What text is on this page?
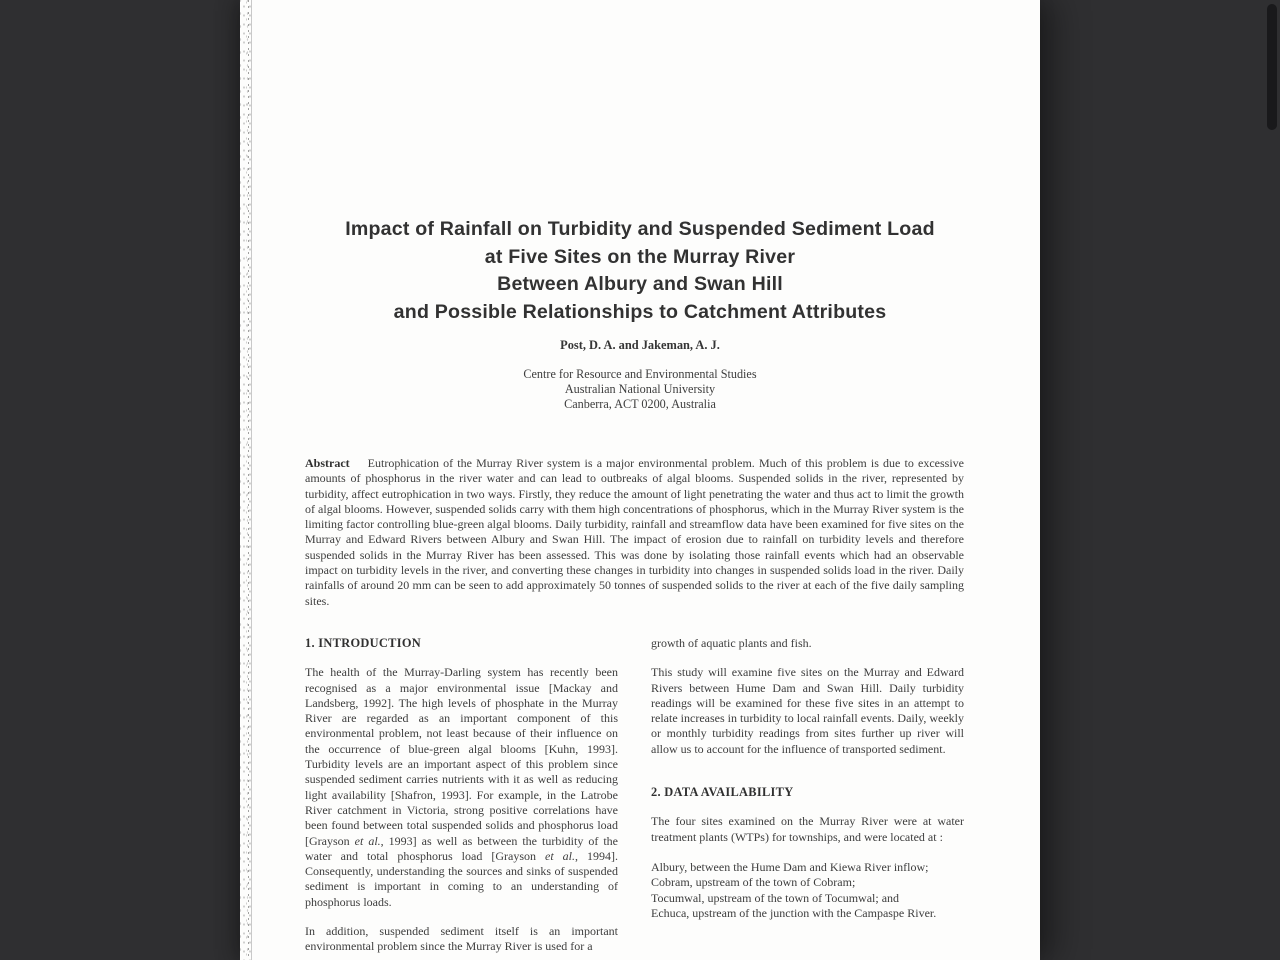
Impact of Rainfall on Turbidity and Suspended Sediment Load
at Five Sites on the Murray River
Between Albury and Swan Hill
and Possible Relationships to Catchment Attributes
Post, D. A. and Jakeman, A. J.
Centre for Resource and Environmental Studies
Australian National University
Canberra, ACT 0200, Australia

Abstract Eutrophication of the Murray River system is a major environmental problem. Much of this problem is due to excessive amounts of phosphorus in the river water and can lead to outbreaks of algal blooms. Suspended solids in the river, represented by turbidity, affect eutrophication in two ways. Firstly, they reduce the amount of light penetrating the water and thus act to limit the growth of algal blooms. However, suspended solids carry with them high concentrations of phosphorus, which in the Murray River system is the limiting factor controlling blue-green algal blooms. Daily turbidity, rainfall and streamflow data have been examined for five sites on the Murray and Edward Rivers between Albury and Swan Hill. The impact of erosion due to rainfall on turbidity levels and therefore suspended solids in the Murray River has been assessed. This was done by isolating those rainfall events which had an observable impact on turbidity levels in the river, and converting these changes in turbidity into changes in suspended solids load in the river. Daily rainfalls of around 20 mm can be seen to add approximately 50 tonnes of suspended solids to the river at each of the five daily sampling sites.

1. INTRODUCTION

The health of the Murray-Darling system has recently been recognised as a major environmental issue [Mackay and Landsberg, 1992]. The high levels of phosphate in the Murray River are regarded as an important component of this environmental problem, not least because of their influence on the occurrence of blue-green algal blooms [Kuhn, 1993]. Turbidity levels are an important aspect of this problem since suspended sediment carries nutrients with it as well as reducing light availability [Shafron, 1993]. For example, in the Latrobe River catchment in Victoria, strong positive correlations have been found between total suspended solids and phosphorus load [Grayson et al., 1993] as well as between the turbidity of the water and total phosphorus load [Grayson et al., 1994]. Consequently, understanding the sources and sinks of suspended sediment is important in coming to an understanding of phosphorus loads.

In addition, suspended sediment itself is an important environmental problem since the Murray River is used for a

growth of aquatic plants and fish.

This study will examine five sites on the Murray and Edward Rivers between Hume Dam and Swan Hill. Daily turbidity readings will be examined for these five sites in an attempt to relate increases in turbidity to local rainfall events. Daily, weekly or monthly turbidity readings from sites further up river will allow us to account for the influence of transported sediment.

2. DATA AVAILABILITY

The four sites examined on the Murray River were at water treatment plants (WTPs) for townships, and were located at :

Albury, between the Hume Dam and Kiewa River inflow;
Cobram, upstream of the town of Cobram;
Tocumwal, upstream of the town of Tocumwal; and
Echuca, upstream of the junction with the Campaspe River.
